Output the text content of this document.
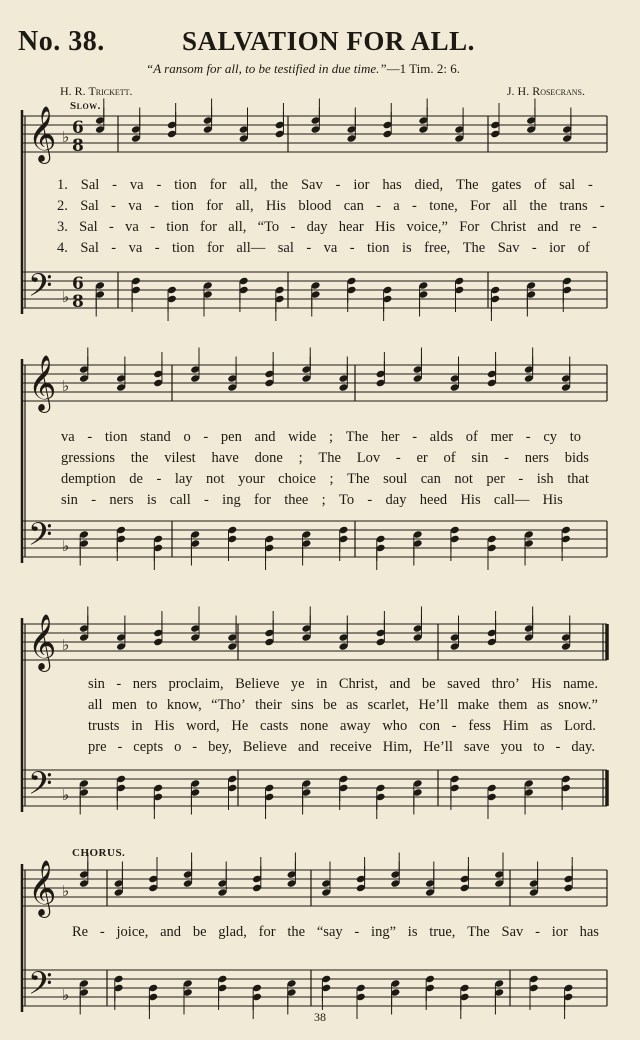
No. 38.	SALVATION FOR ALL.
“A ransom for all, to be testified in due time.”—1 Tim. 2: 6.
H. R. Trickett.	J. H. Rosecrans.
Slow.
CHORUS.
𝄞
𝄢
♭
♭
6
8
6
8
𝄞
𝄢
♭
♭
𝄞
𝄢
♭
♭
𝄞
𝄢
♭
♭
1. Sal - va - tion for all, the Sav - ior has died, The gates of sal -
2. Sal - va - tion for all, His blood can - a - tone, For all the trans -
3. Sal - va - tion for all, “To - day hear His voice,” For Christ and re -
4. Sal - va - tion for all— sal - va - tion is free, The Sav - ior of
va - tion stand o - pen and wide ; The her - alds of mer - cy to
gressions the vilest have done ; The Lov - er of sin - ners bids
demption de - lay not your choice ; The soul can not per - ish that
sin - ners is call - ing for thee ; To - day heed His call— His
sin - ners proclaim, Believe ye in Christ, and be saved thro’ His name.
all men to know, “Tho’ their sins be as scarlet, He’ll make them as snow.”
trusts in His word, He casts none away who con - fess Him as Lord.
pre - cepts o - bey, Believe and receive Him, He’ll save you to - day.
Re - joice, and be glad, for the “say - ing” is true, The Sav - ior has
38
